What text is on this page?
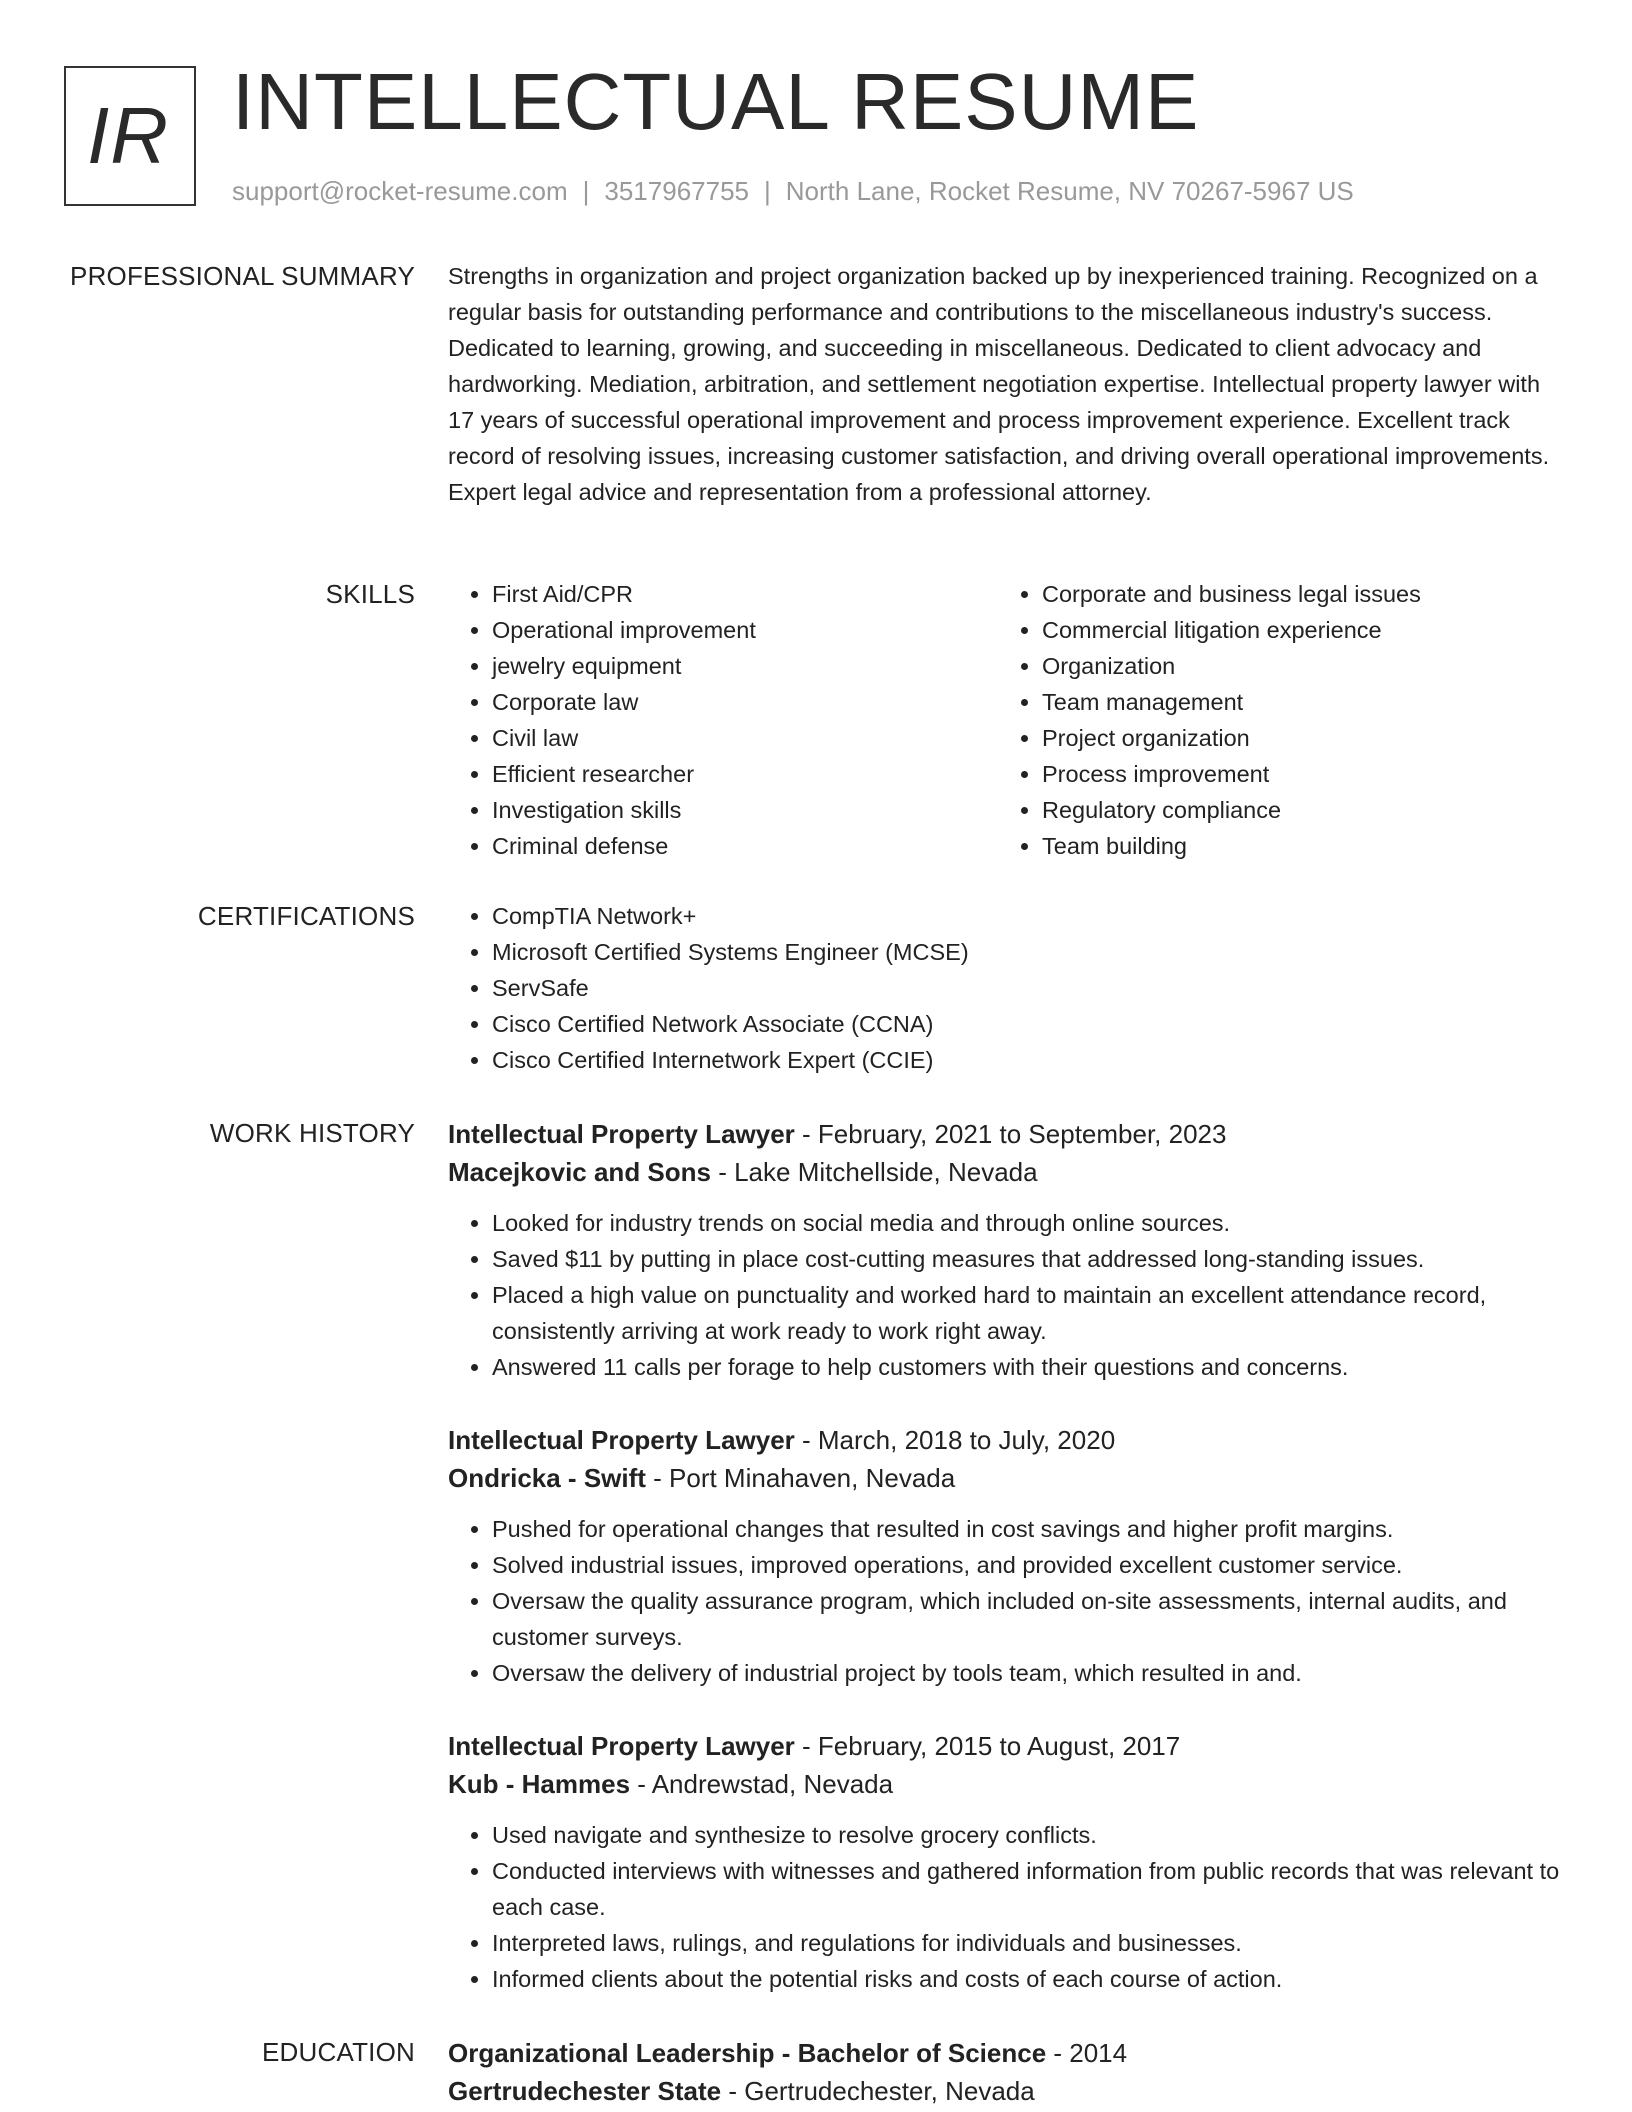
IR INTELLECTUAL RESUME
support@rocket-resume.com | 3517967755 | North Lane, Rocket Resume, NV 70267-5967 US
PROFESSIONAL SUMMARY Strengths in organization and project organization backed up by inexperienced training. Recognized on a regular basis for outstanding performance and contributions to the miscellaneous industry's success. Dedicated to learning, growing, and succeeding in miscellaneous. Dedicated to client advocacy and hardworking. Mediation, arbitration, and settlement negotiation expertise. Intellectual property lawyer with 17 years of successful operational improvement and process improvement experience. Excellent track record of resolving issues, increasing customer satisfaction, and driving overall operational improvements. Expert legal advice and representation from a professional attorney.

SKILLS	• First Aid/CPR
• Operational improvement
• jewelry equipment
• Corporate law
• Civil law
• Efficient researcher
• Investigation skills
• Criminal defense
• Corporate and business legal issues
• Commercial litigation experience
• Organization
• Team management
• Project organization
• Process improvement
• Regulatory compliance
• Team building
CERTIFICATIONS	• CompTIA Network+
• Microsoft Certified Systems Engineer (MCSE)
• ServSafe
• Cisco Certified Network Associate (CCNA)
• Cisco Certified Internetwork Expert (CCIE)
WORK HISTORY Intellectual Property Lawyer - February, 2021 to September, 2023
Macejkovic and Sons - Lake Mitchellside, Nevada
• Looked for industry trends on social media and through online sources.
• Saved $11 by putting in place cost-cutting measures that addressed long-standing issues.
• Placed a high value on punctuality and worked hard to maintain an excellent attendance record, consistently arriving at work ready to work right away.
• Answered 11 calls per forage to help customers with their questions and concerns.
Intellectual Property Lawyer - March, 2018 to July, 2020
Ondricka - Swift - Port Minahaven, Nevada
• Pushed for operational changes that resulted in cost savings and higher profit margins.
• Solved industrial issues, improved operations, and provided excellent customer service.
• Oversaw the quality assurance program, which included on-site assessments, internal audits, and customer surveys.
• Oversaw the delivery of industrial project by tools team, which resulted in and.
Intellectual Property Lawyer - February, 2015 to August, 2017
Kub - Hammes - Andrewstad, Nevada
• Used navigate and synthesize to resolve grocery conflicts.
• Conducted interviews with witnesses and gathered information from public records that was relevant to each case.
• Interpreted laws, rulings, and regulations for individuals and businesses.
• Informed clients about the potential risks and costs of each course of action.
EDUCATION Organizational Leadership - Bachelor of Science - 2014
Gertrudechester State - Gertrudechester, Nevada
